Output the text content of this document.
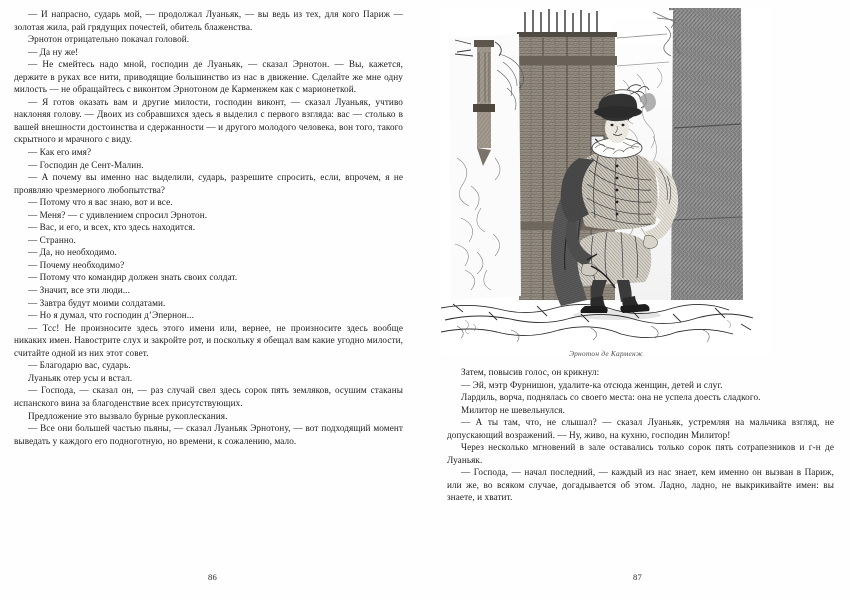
— И напрасно, сударь мой, — продолжал Луаньяк, — вы ведь из тех, для кого Париж — золотая жила, рай грядущих почестей, обитель блаженства.

Эрнотон отрицательно покачал головой.

— Да ну же!

— Не смейтесь надо мной, господин де Луаньяк, — сказал Эрнотон. — Вы, кажется, держите в руках все нити, приводящие большинство из нас в движение. Сделайте же мне одну милость — не обращайтесь с виконтом Эрнотоном де Карменжем как с марионеткой.

— Я готов оказать вам и другие милости, господин виконт, — сказал Луаньяк, учтиво наклоняя голову. — Двоих из собравшихся здесь я выделил с первого взгляда: вас — столько в вашей внешности достоинства и сдержанности — и другого молодого человека, вон того, такого скрытного и мрачного с виду.

— Как его имя?

— Господин де Сент-Малин.

— А почему вы именно нас выделили, сударь, разрешите спросить, если, впрочем, я не проявляю чрезмерного любопытства?

— Потому что я вас знаю, вот и все.

— Меня? — с удивлением спросил Эрнотон.

— Вас, и его, и всех, кто здесь находится.

— Странно.

— Да, но необходимо.

— Почему необходимо?

— Потому что командир должен знать своих солдат.

— Значит, все эти люди...

— Завтра будут моими солдатами.

— Но я думал, что господин д’Эпернон...

— Тсс! Не произносите здесь этого имени или, вернее, не произносите здесь вообще никаких имен. Навострите слух и закройте рот, и поскольку я обещал вам какие угодно милости, считайте одной из них этот совет.

— Благодарю вас, сударь.

Луаньяк отер усы и встал.

— Господа, — сказал он, — раз случай свел здесь сорок пять земляков, осушим стаканы испанского вина за благоденствие всех присутствующих.

Предложение это вызвало бурные рукоплескания.

— Все они большей частью пьяны, — сказал Луаньяк Эрнотону, — вот подходящий момент выведать у каждого его подноготную, но времени, к сожалению, мало.

86
Эрнотон де Карменж

Затем, повысив голос, он крикнул:

— Эй, мэтр Фурнишон, удалите-ка отсюда женщин, детей и слуг.

Лардиль, ворча, поднялась со своего места: она не успела доесть сладкого.

Милитор не шевельнулся.

— А ты там, что, не слышал? — сказал Луаньяк, устремляя на мальчика взгляд, не допускающий возражений. — Ну, живо, на кухню, господин Милитор!

Через несколько мгновений в зале оставались только сорок пять сотрапезников и г-н де Луаньяк.

— Господа, — начал последний, — каждый из нас знает, кем именно он вызван в Париж, или же, во всяком случае, догадывается об этом. Ладно, ладно, не выкрикивайте имен: вы знаете, и хватит.

87
